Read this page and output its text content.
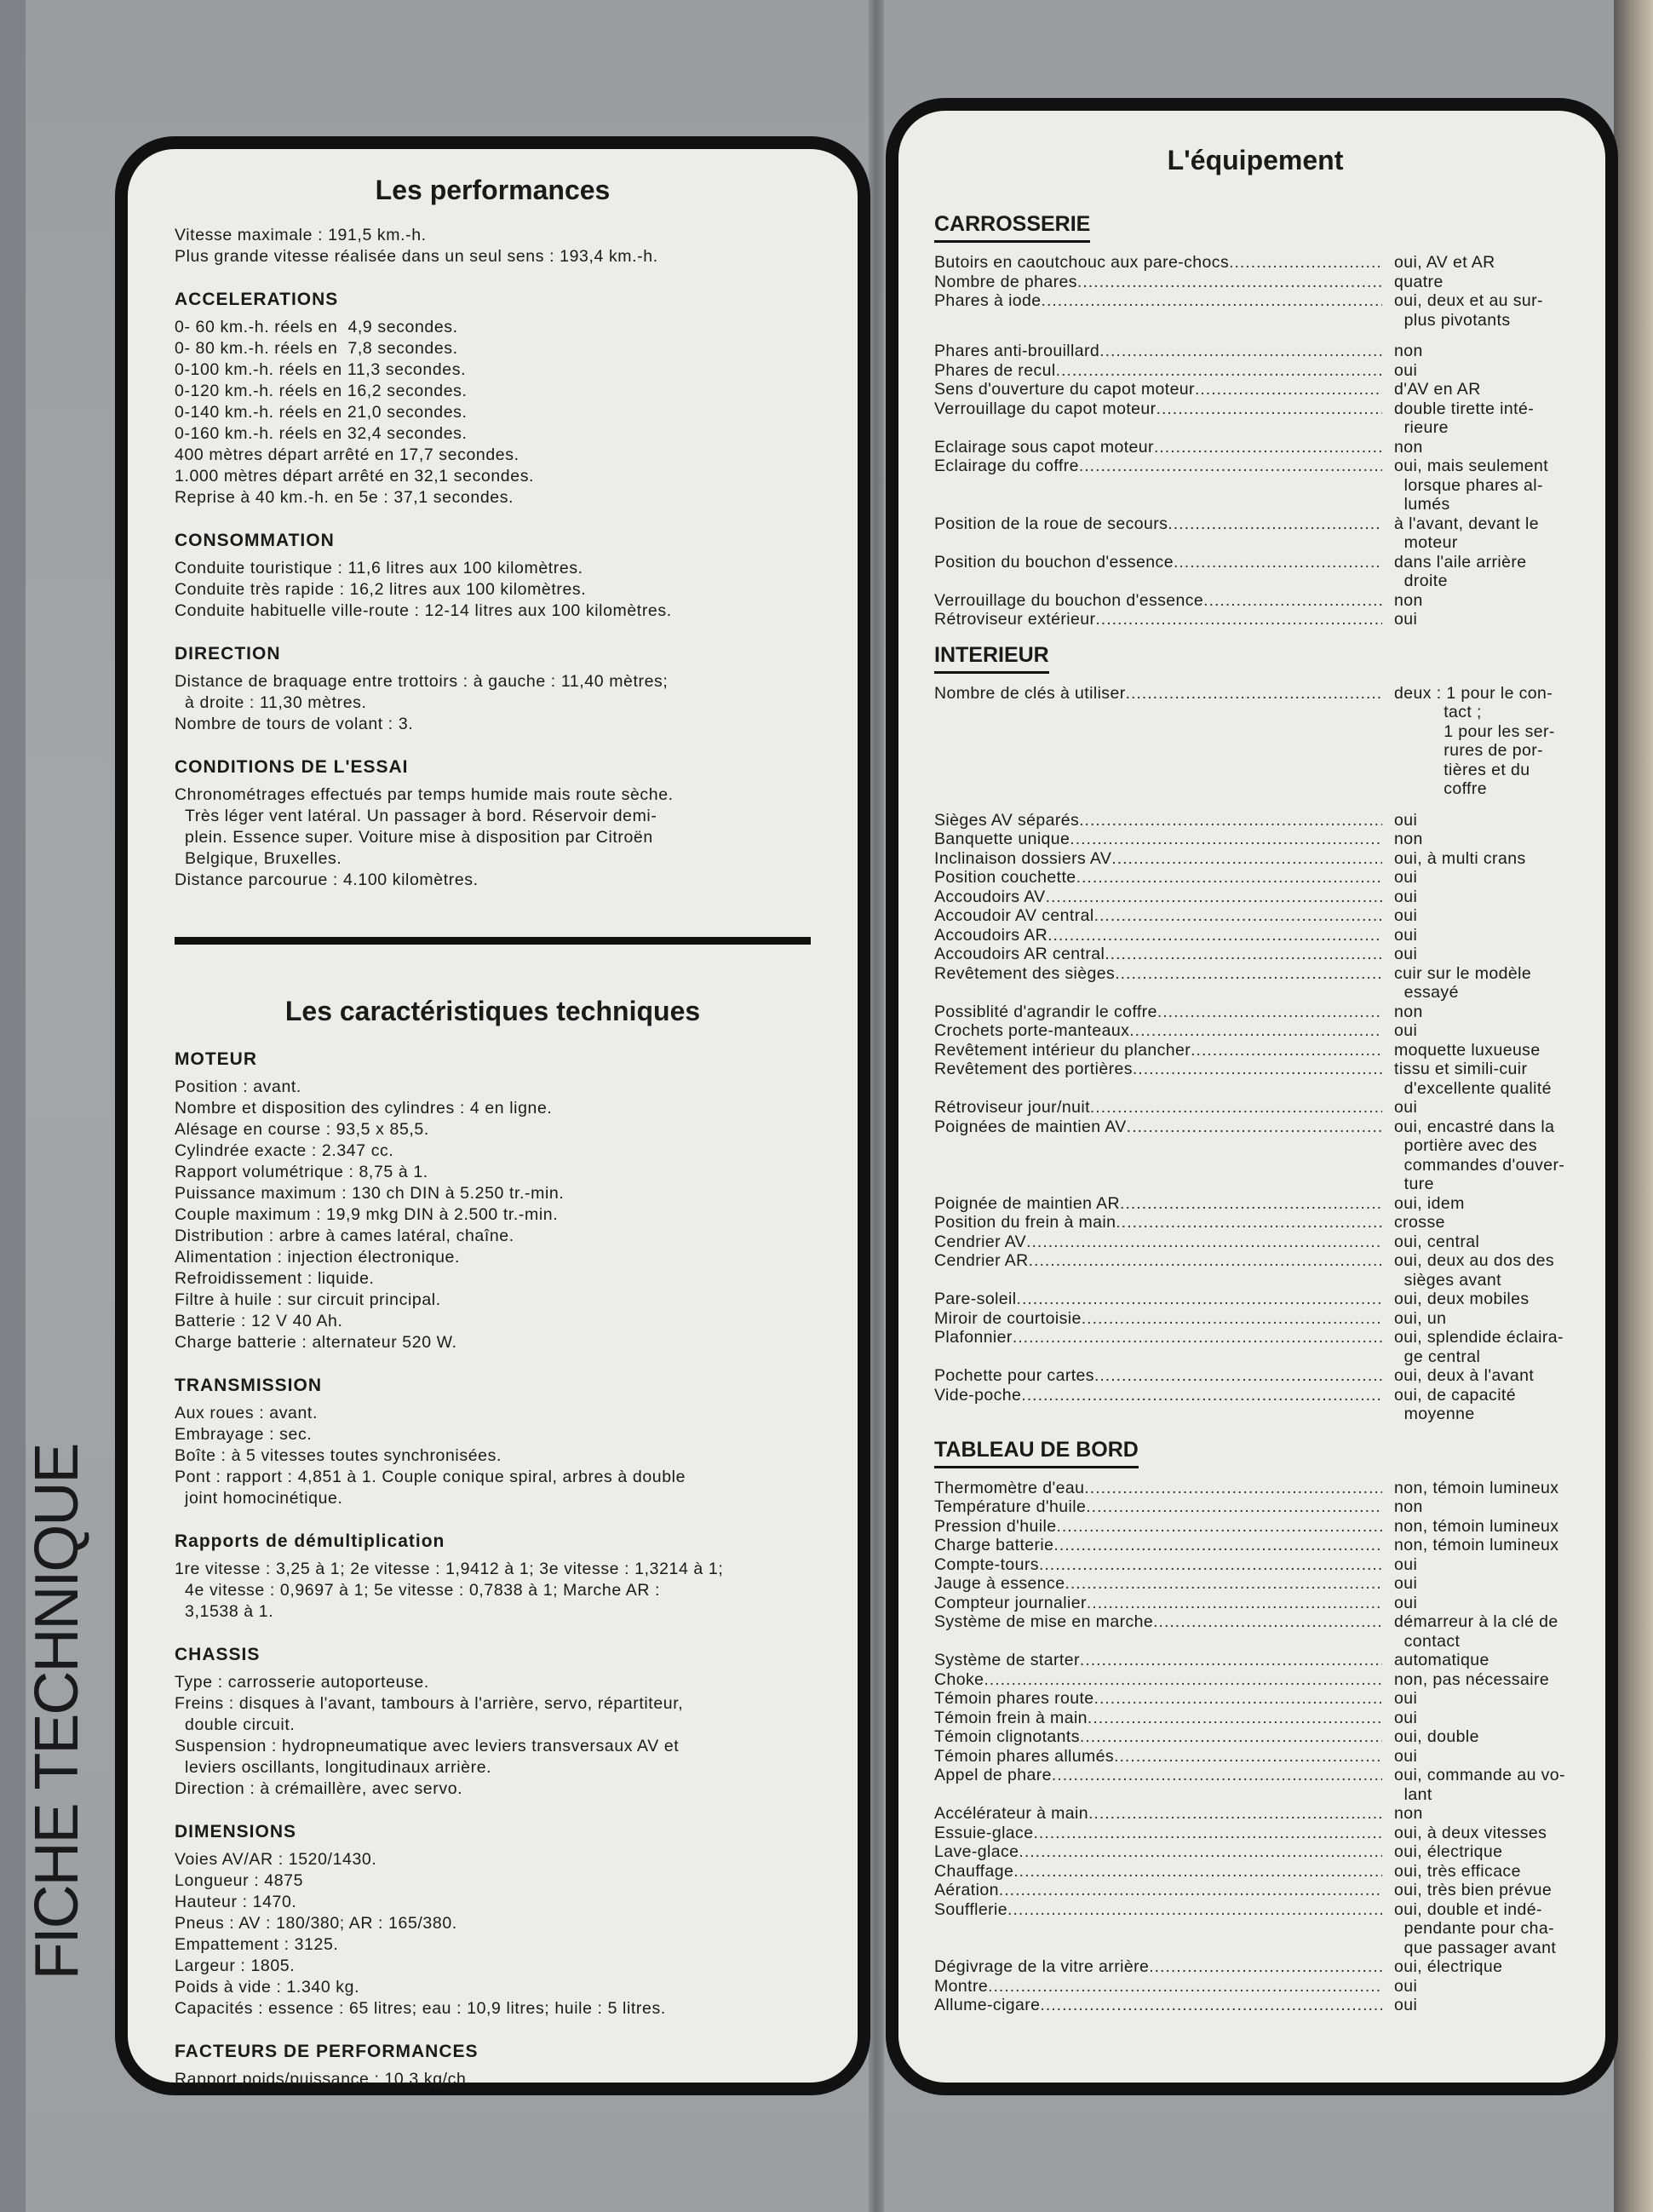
FICHE TECHNIQUE
Les performances
Vitesse maximale : 191,5 km.-h.
Plus grande vitesse réalisée dans un seul sens : 193,4 km.-h.
ACCELERATIONS
0- 60 km.-h. réels en  4,9 secondes.
0- 80 km.-h. réels en  7,8 secondes.
0-100 km.-h. réels en 11,3 secondes.
0-120 km.-h. réels en 16,2 secondes.
0-140 km.-h. réels en 21,0 secondes.
0-160 km.-h. réels en 32,4 secondes.
400 mètres départ arrêté en 17,7 secondes.
1.000 mètres départ arrêté en 32,1 secondes.
Reprise à 40 km.-h. en 5e : 37,1 secondes.
CONSOMMATION
Conduite touristique : 11,6 litres aux 100 kilomètres.
Conduite très rapide : 16,2 litres aux 100 kilomètres.
Conduite habituelle ville-route : 12-14 litres aux 100 kilomètres.
DIRECTION
Distance de braquage entre trottoirs : à gauche : 11,40 mètres;
à droite : 11,30 mètres.
Nombre de tours de volant : 3.
CONDITIONS DE L'ESSAI
Chronométrages effectués par temps humide mais route sèche.
Très léger vent latéral. Un passager à bord. Réservoir demi-
plein. Essence super. Voiture mise à disposition par Citroën
Belgique, Bruxelles.
Distance parcourue : 4.100 kilomètres.
Les caractéristiques techniques
MOTEUR
Position : avant.
Nombre et disposition des cylindres : 4 en ligne.
Alésage en course : 93,5 x 85,5.
Cylindrée exacte : 2.347 cc.
Rapport volumétrique : 8,75 à 1.
Puissance maximum : 130 ch DIN à 5.250 tr.-min.
Couple maximum : 19,9 mkg DIN à 2.500 tr.-min.
Distribution : arbre à cames latéral, chaîne.
Alimentation : injection électronique.
Refroidissement : liquide.
Filtre à huile : sur circuit principal.
Batterie : 12 V 40 Ah.
Charge batterie : alternateur 520 W.
TRANSMISSION
Aux roues : avant.
Embrayage : sec.
Boîte : à 5 vitesses toutes synchronisées.
Pont : rapport : 4,851 à 1. Couple conique spiral, arbres à double
joint homocinétique.
Rapports de démultiplication
1re vitesse : 3,25 à 1; 2e vitesse : 1,9412 à 1; 3e vitesse : 1,3214 à 1;
4e vitesse : 0,9697 à 1; 5e vitesse : 0,7838 à 1; Marche AR :
3,1538 à 1.
CHASSIS
Type : carrosserie autoporteuse.
Freins : disques à l'avant, tambours à l'arrière, servo, répartiteur,
double circuit.
Suspension : hydropneumatique avec leviers transversaux AV et
leviers oscillants, longitudinaux arrière.
Direction : à crémaillère, avec servo.
DIMENSIONS
Voies AV/AR : 1520/1430.
Longueur : 4875
Hauteur : 1470.
Pneus : AV : 180/380; AR : 165/380.
Empattement : 3125.
Largeur : 1805.
Poids à vide : 1.340 kg.
Capacités : essence : 65 litres; eau : 10,9 litres; huile : 5 litres.
FACTEURS DE PERFORMANCES
Rapport poids/puissance : 10,3 kg/ch.
L'équipement
CARROSSERIE
Butoirs en caoutchouc aux pare-chocs .....	oui, AV et AR
Nombre de phares .....	quatre
Phares à iode .....	oui, deux et au sur-
plus pivotants
Phares anti-brouillard .....	non
Phares de recul .....	oui
Sens d'ouverture du capot moteur .....	d'AV en AR
Verrouillage du capot moteur .....	double tirette inté-
rieure
Eclairage sous capot moteur .....	non
Eclairage du coffre .....	oui, mais seulement
lorsque phares al-
lumés
Position de la roue de secours .....	à l'avant, devant le
moteur
Position du bouchon d'essence .....	dans l'aile arrière
droite
Verrouillage du bouchon d'essence .....	non
Rétroviseur extérieur .....	oui
INTERIEUR
Nombre de clés à utiliser .....	deux : 1 pour le con-
tact ;
1 pour les ser-
rures de por-
tières et du
coffre
Sièges AV séparés .....	oui
Banquette unique .....	non
Inclinaison dossiers AV .....	oui, à multi crans
Position couchette .....	oui
Accoudoirs AV .....	oui
Accoudoir AV central .....	oui
Accoudoirs AR .....	oui
Accoudoirs AR central .....	oui
Revêtement des sièges .....	cuir sur le modèle
essayé
Possiblité d'agrandir le coffre .....	non
Crochets porte-manteaux .....	oui
Revêtement intérieur du plancher .....	moquette luxueuse
Revêtement des portières .....	tissu et simili-cuir
d'excellente qualité
Rétroviseur jour/nuit .....	oui
Poignées de maintien AV .....	oui, encastré dans la
portière avec des
commandes d'ouver-
ture
Poignée de maintien AR .....	oui, idem
Position du frein à main .....	crosse
Cendrier AV .....	oui, central
Cendrier AR .....	oui, deux au dos des
sièges avant
Pare-soleil .....	oui, deux mobiles
Miroir de courtoisie .....	oui, un
Plafonnier .....	oui, splendide éclaira-
ge central
Pochette pour cartes .....	oui, deux à l'avant
Vide-poche .....	oui, de capacité
moyenne
TABLEAU DE BORD
Thermomètre d'eau .....	non, témoin lumineux
Température d'huile .....	non
Pression d'huile .....	non, témoin lumineux
Charge batterie .....	non, témoin lumineux
Compte-tours .....	oui
Jauge à essence .....	oui
Compteur journalier .....	oui
Système de mise en marche .....	démarreur à la clé de
contact
Système de starter .....	automatique
Choke .....	non, pas nécessaire
Témoin phares route .....	oui
Témoin frein à main .....	oui
Témoin clignotants .....	oui, double
Témoin phares allumés .....	oui
Appel de phare .....	oui, commande au vo-
lant
Accélérateur à main .....	non
Essuie-glace .....	oui, à deux vitesses
Lave-glace .....	oui, électrique
Chauffage .....	oui, très efficace
Aération .....	oui, très bien prévue
Soufflerie .....	oui, double et indé-
pendante pour cha-
que passager avant
Dégivrage de la vitre arrière .....	oui, électrique
Montre .....	oui
Allume-cigare .....	oui
